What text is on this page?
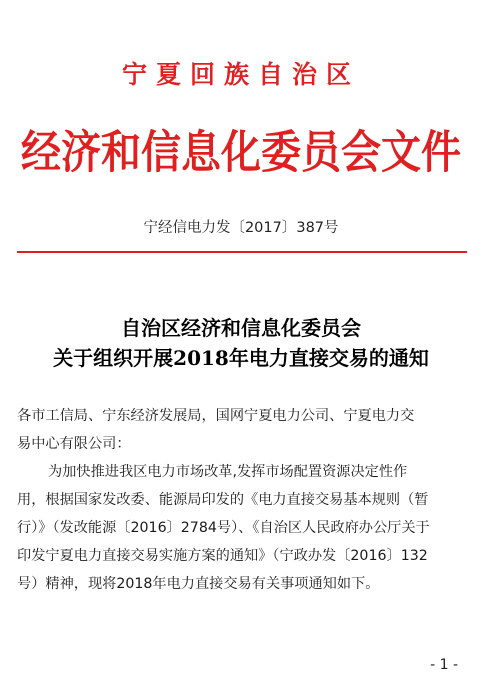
宁夏回族自治区
经济和信息化委员会文件
宁经信电力发〔2017〕387号
自治区经济和信息化委员会
关于组织开展2018年电力直接交易的通知
各市工信局、宁东经济发展局，国网宁夏电力公司、宁夏电力交
易中心有限公司：
为加快推进我区电力市场改革,发挥市场配置资源决定性作
用，根据国家发改委、能源局印发的《电力直接交易基本规则（暂
行）》（发改能源〔2016〕2784号）、《自治区人民政府办公厅关于
印发宁夏电力直接交易实施方案的通知》（宁政办发〔2016〕132
号）精神，现将2018年电力直接交易有关事项通知如下。
- 1 -
